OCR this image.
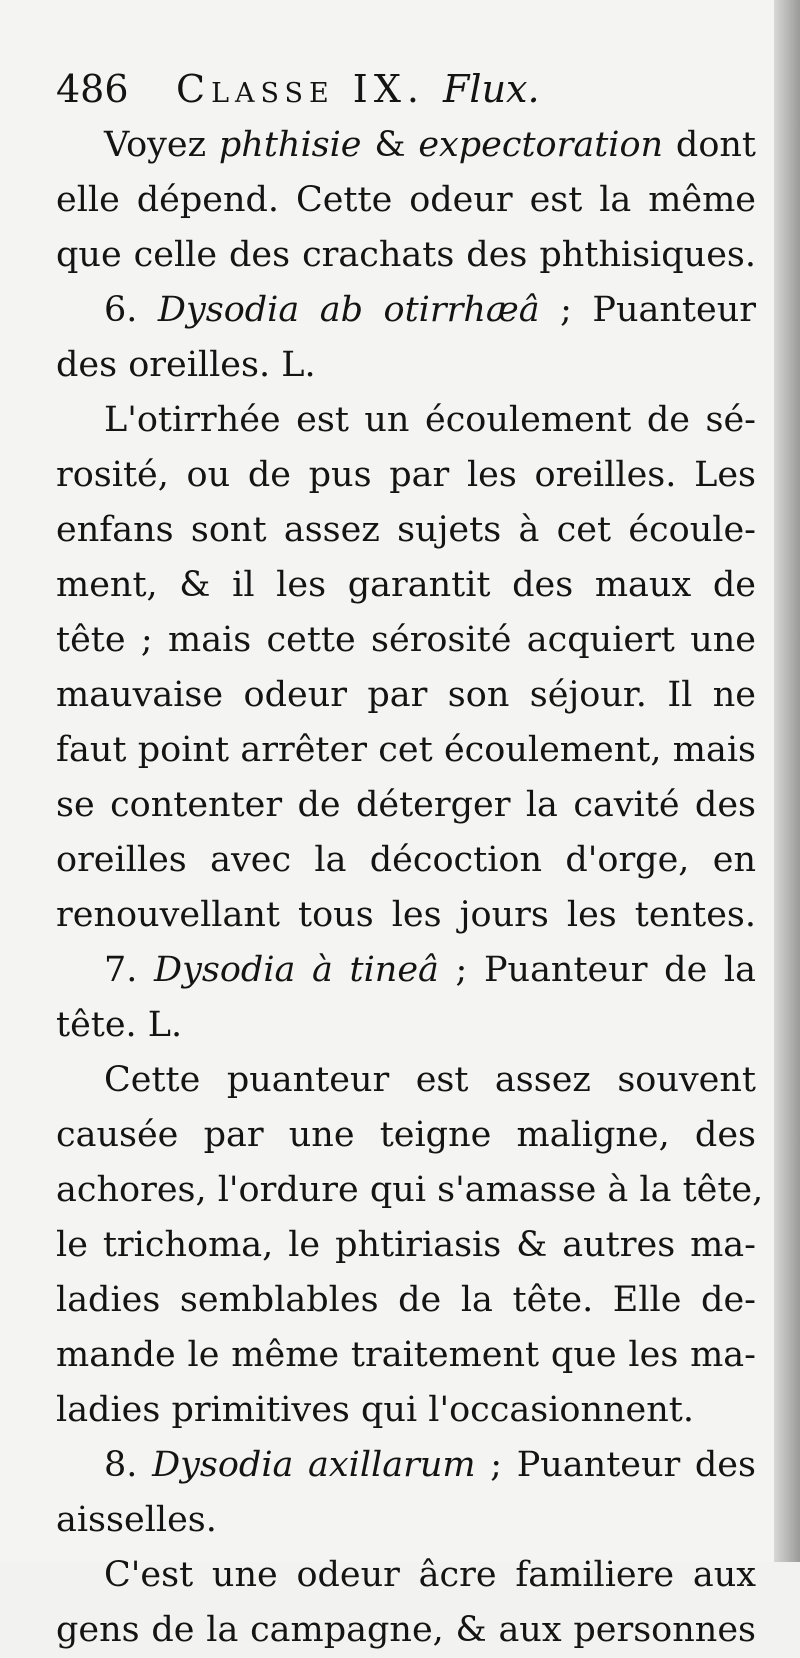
486 Classe IX. Flux.
Voyez phthisie & expectoration dont
elle dépend. Cette odeur est la même
que celle des crachats des phthisiques.
6. Dysodia ab otirrhæâ ; Puanteur
des oreilles. L.
L'otirrhée est un écoulement de sé-
rosité, ou de pus par les oreilles. Les
enfans sont assez sujets à cet écoule-
ment, & il les garantit des maux de
tête ; mais cette sérosité acquiert une
mauvaise odeur par son séjour. Il ne
faut point arrêter cet écoulement, mais
se contenter de déterger la cavité des
oreilles avec la décoction d'orge, en
renouvellant tous les jours les tentes.
7. Dysodia à tineâ ; Puanteur de la
tête. L.
Cette puanteur est assez souvent
causée par une teigne maligne, des
achores, l'ordure qui s'amasse à la tête,
le trichoma, le phtiriasis & autres ma-
ladies semblables de la tête. Elle de-
mande le même traitement que les ma-
ladies primitives qui l'occasionnent.
8. Dysodia axillarum ; Puanteur des
aisselles.
C'est une odeur âcre familiere aux
gens de la campagne, & aux personnes
